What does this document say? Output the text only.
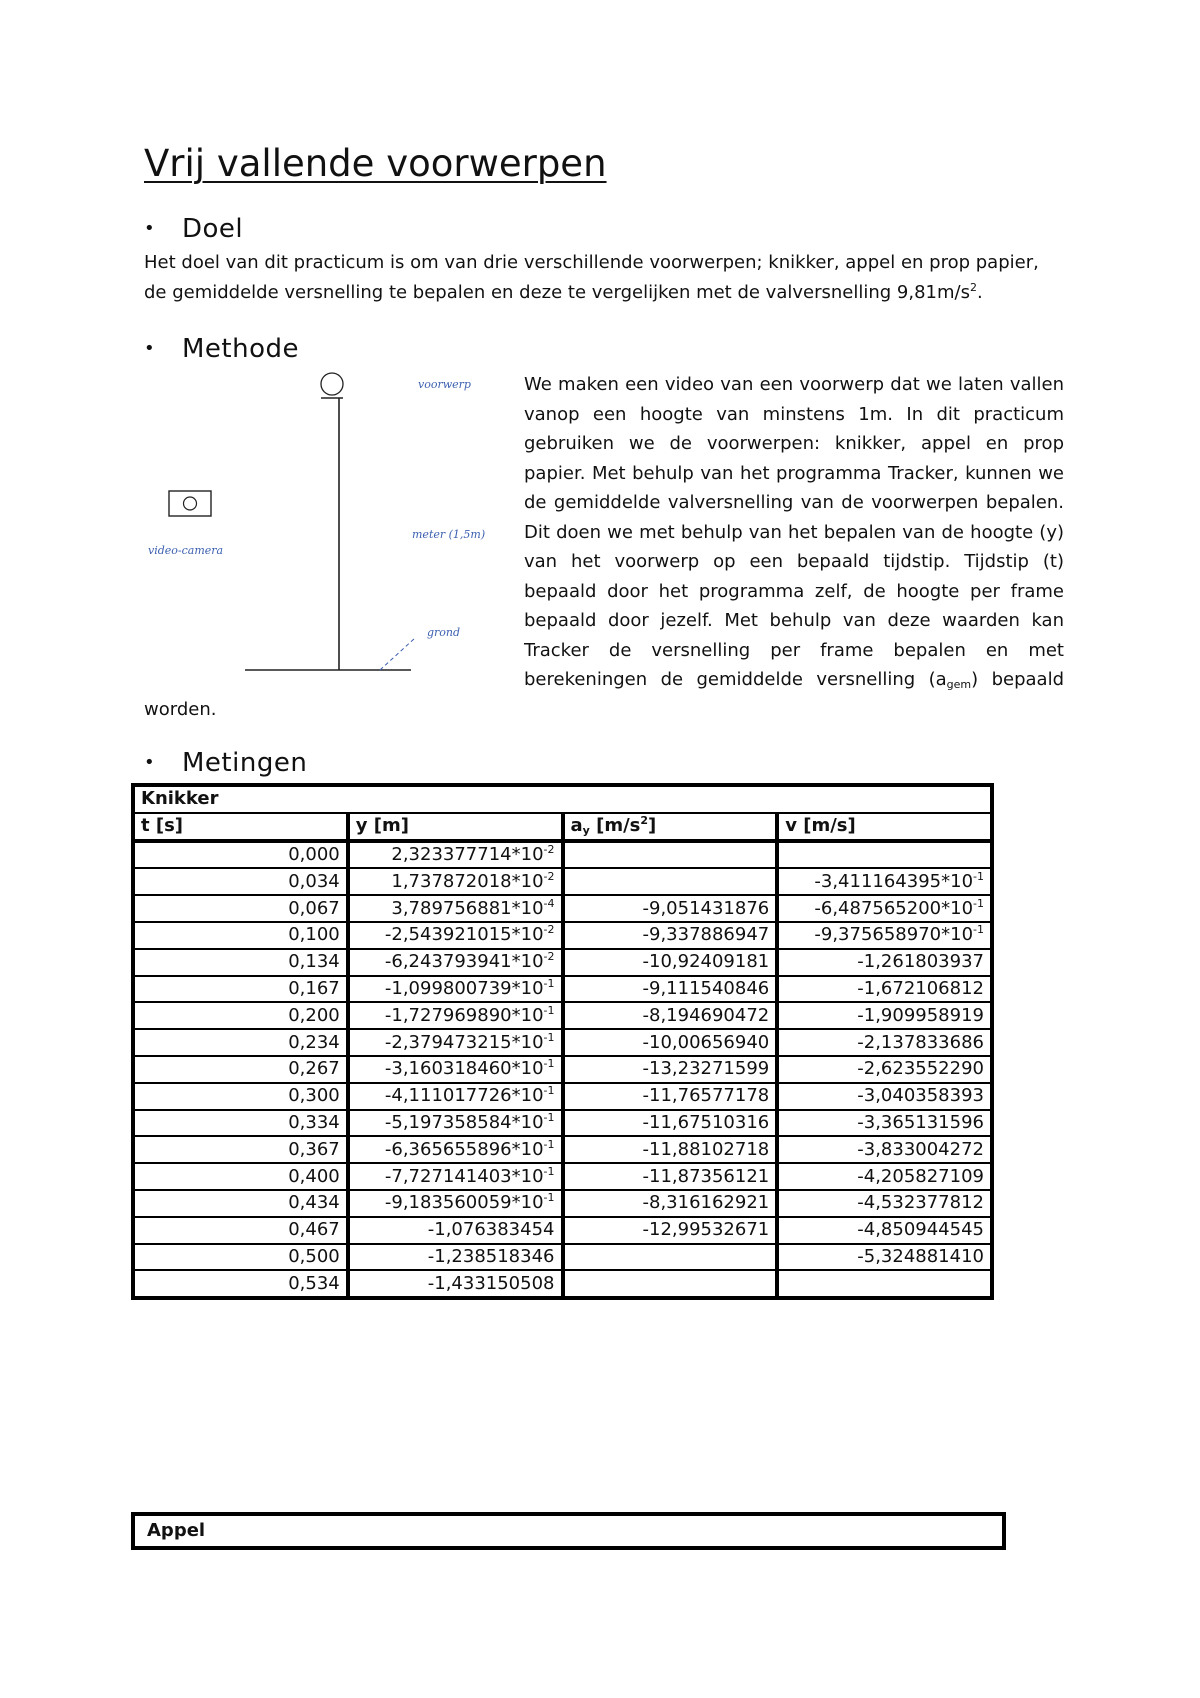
Vrij vallende voorwerpen
• Doel

Het doel van dit practicum is om van drie verschillende voorwerpen; knikker, appel en prop papier, de gemiddelde versnelling te bepalen en deze te vergelijken met de valversnelling $9,81m/s^2$.

• Methode
voorwerp
video-camera
meter (1,5m)
grond

We maken een video van een voorwerp dat we laten vallen vanop een hoogte van minstens 1m. In dit practicum gebruiken we de voorwerpen: knikker, appel en prop papier. Met behulp van het programma Tracker, kunnen we de gemiddelde valversnelling van de voorwerpen bepalen. Dit doen we met behulp van het bepalen van de hoogte (y) van het voorwerp op een bepaald tijdstip. Tijdstip (t) bepaald door het programma zelf, de hoogte per frame bepaald door jezelf. Met behulp van deze waarden kan Tracker de versnelling per frame bepalen en met berekeningen de gemiddelde versnelling $(a_{gem})$ bepaald

worden.

• Metingen
Knikker			
t [s]	y [m]	$a_y$ $[m/s^2]$	v [m/s]
0,000	$2,323377714*10^{-2}$		
0,034	$1,737872018*10^{-2}$		$-3,411164395*10^{-1}$
0,067	$3,789756881*10^{-4}$	-9,051431876	$-6,487565200*10^{-1}$
0,100	$-2,543921015*10^{-2}$	-9,337886947	$-9,375658970*10^{-1}$
0,134	$-6,243793941*10^{-2}$	-10,92409181	-1,261803937
0,167	$-1,099800739*10^{-1}$	-9,111540846	-1,672106812
0,200	$-1,727969890*10^{-1}$	-8,194690472	-1,909958919
0,234	$-2,379473215*10^{-1}$	-10,00656940	-2,137833686
0,267	$-3,160318460*10^{-1}$	-13,23271599	-2,623552290
0,300	$-4,111017726*10^{-1}$	-11,76577178	-3,040358393
0,334	$-5,197358584*10^{-1}$	-11,67510316	-3,365131596
0,367	$-6,365655896*10^{-1}$	-11,88102718	-3,833004272
0,400	$-7,727141403*10^{-1}$	-11,87356121	-4,205827109
0,434	$-9,183560059*10^{-1}$	-8,316162921	-4,532377812
0,467	-1,076383454	-12,99532671	-4,850944545
0,500	-1,238518346		-5,324881410
0,534	-1,433150508		
Appel
